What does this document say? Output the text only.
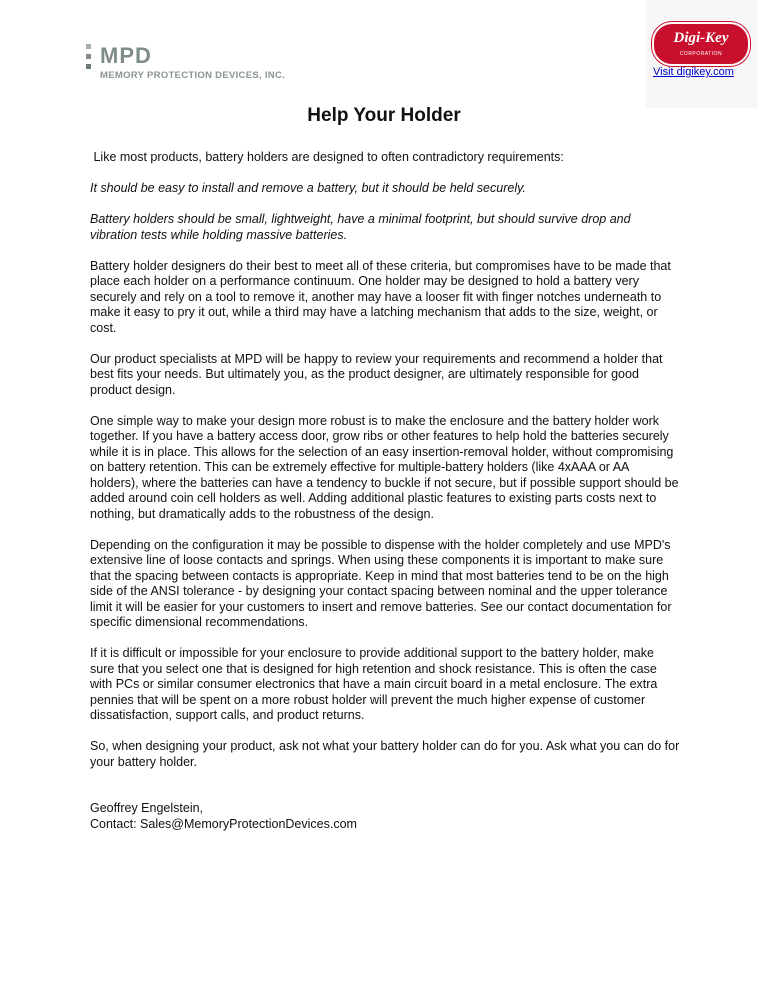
MPD
MEMORY PROTECTION DEVICES, INC.
Digi-Key
CORPORATION
Visit digikey.com
Help Your Holder

Like most products, battery holders are designed to often contradictory requirements:

It should be easy to install and remove a battery, but it should be held securely.

Battery holders should be small, lightweight, have a minimal footprint, but should survive drop and vibration tests while holding massive batteries.

Battery holder designers do their best to meet all of these criteria, but compromises have to be made that place each holder on a performance continuum. One holder may be designed to hold a battery very securely and rely on a tool to remove it, another may have a looser fit with finger notches underneath to make it easy to pry it out, while a third may have a latching mechanism that adds to the size, weight, or cost.

Our product specialists at MPD will be happy to review your requirements and recommend a holder that best fits your needs. But ultimately you, as the product designer, are ultimately responsible for good product design.

One simple way to make your design more robust is to make the enclosure and the battery holder work together. If you have a battery access door, grow ribs or other features to help hold the batteries securely while it is in place. This allows for the selection of an easy insertion-removal holder, without compromising on battery retention. This can be extremely effective for multiple-battery holders (like 4xAAA or AA holders), where the batteries can have a tendency to buckle if not secure, but if possible support should be added around coin cell holders as well. Adding additional plastic features to existing parts costs next to nothing, but dramatically adds to the robustness of the design.

Depending on the configuration it may be possible to dispense with the holder completely and use MPD's extensive line of loose contacts and springs. When using these components it is important to make sure that the spacing between contacts is appropriate. Keep in mind that most batteries tend to be on the high side of the ANSI tolerance - by designing your contact spacing between nominal and the upper tolerance limit it will be easier for your customers to insert and remove batteries. See our contact documentation for specific dimensional recommendations.

If it is difficult or impossible for your enclosure to provide additional support to the battery holder, make sure that you select one that is designed for high retention and shock resistance. This is often the case with PCs or similar consumer electronics that have a main circuit board in a metal enclosure. The extra pennies that will be spent on a more robust holder will prevent the much higher expense of customer dissatisfaction, support calls, and product returns.

So, when designing your product, ask not what your battery holder can do for you. Ask what you can do for your battery holder.

Geoffrey Engelstein,
Contact: Sales@MemoryProtectionDevices.com
